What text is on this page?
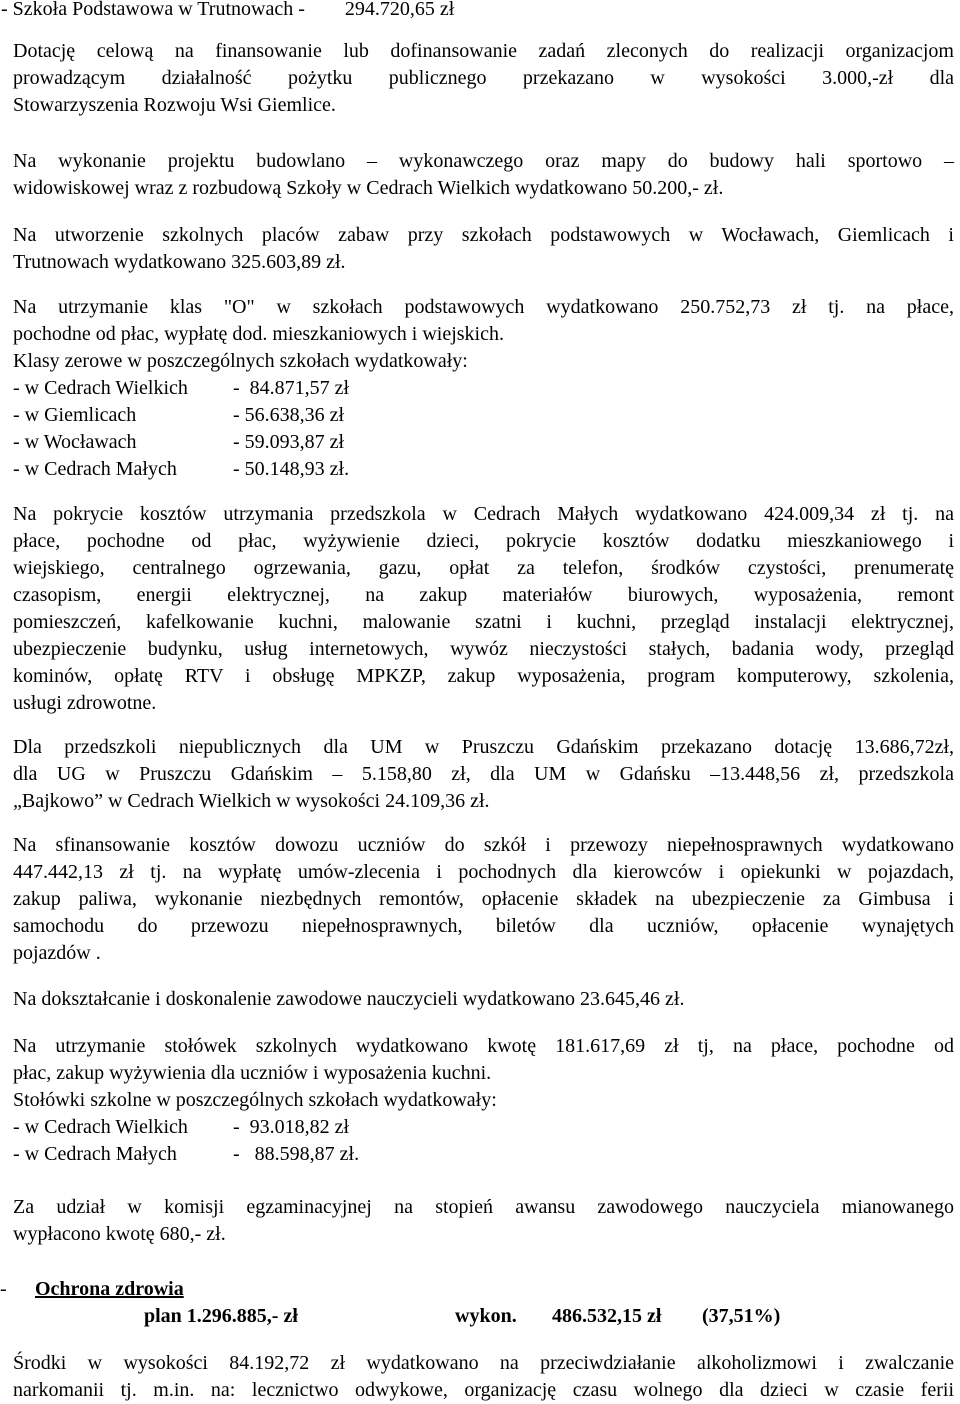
- Szkoła Podstawowa w Trutnowach - 294.720,65 zł

Dotację celową na finansowanie lub dofinansowanie zadań zleconych do realizacji organizacjom

prowadzącym działalność pożytku publicznego przekazano w wysokości 3.000,-zł dla

Stowarzyszenia Rozwoju Wsi Giemlice.

Na wykonanie projektu budowlano – wykonawczego oraz mapy do budowy hali sportowo –

widowiskowej wraz z rozbudową Szkoły w Cedrach Wielkich wydatkowano 50.200,- zł.

Na utworzenie szkolnych placów zabaw przy szkołach podstawowych w Wocławach, Giemlicach i

Trutnowach wydatkowano 325.603,89 zł.

Na utrzymanie klas "O" w szkołach podstawowych wydatkowano 250.752,73 zł tj. na płace,

pochodne od płac, wypłatę dod. mieszkaniowych i wiejskich.

Klasy zerowe w poszczególnych szkołach wydatkowały:

- w Cedrach Wielkich	-  84.871,57 zł
- w Giemlicach	- 56.638,36 zł
- w Wocławach	- 59.093,87 zł
- w Cedrach Małych	- 50.148,93 zł.

Na pokrycie kosztów utrzymania przedszkola w Cedrach Małych wydatkowano 424.009,34 zł tj. na

płace, pochodne od płac, wyżywienie dzieci, pokrycie kosztów dodatku mieszkaniowego i

wiejskiego, centralnego ogrzewania, gazu, opłat za telefon, środków czystości, prenumeratę

czasopism, energii elektrycznej, na zakup materiałów biurowych, wyposażenia, remont

pomieszczeń, kafelkowanie kuchni, malowanie szatni i kuchni, przegląd instalacji elektrycznej,

ubezpieczenie budynku, usług internetowych, wywóz nieczystości stałych, badania wody, przegląd

kominów, opłatę RTV i obsługę MPKZP, zakup wyposażenia, program komputerowy, szkolenia,

usługi zdrowotne.

Dla przedszkoli niepublicznych dla UM w Pruszczu Gdańskim przekazano dotację 13.686,72zł,

dla UG w Pruszczu Gdańskim – 5.158,80 zł, dla UM w Gdańsku –13.448,56 zł, przedszkola

„Bajkowo” w Cedrach Wielkich w wysokości 24.109,36 zł.

Na sfinansowanie kosztów dowozu uczniów do szkół i przewozy niepełnosprawnych wydatkowano

447.442,13 zł tj. na wypłatę umów-zlecenia i pochodnych dla kierowców i opiekunki w pojazdach,

zakup paliwa, wykonanie niezbędnych remontów, opłacenie składek na ubezpieczenie za Gimbusa i

samochodu do przewozu niepełnosprawnych, biletów dla uczniów, opłacenie wynajętych

pojazdów .

Na dokształcanie i doskonalenie zawodowe nauczycieli wydatkowano 23.645,46 zł.

Na utrzymanie stołówek szkolnych wydatkowano kwotę 181.617,69 zł tj, na płace, pochodne od

płac, zakup wyżywienia dla uczniów i wyposażenia kuchni.

Stołówki szkolne w poszczególnych szkołach wydatkowały:

- w Cedrach Wielkich	-  93.018,82 zł
- w Cedrach Małych	-   88.598,87 zł.

Za udział w komisji egzaminacyjnej na stopień awansu zawodowego nauczyciela mianowanego

wypłacono kwotę 680,- zł.

-	Ochrona zdrowia
plan 1.296.885,- zł	wykon.	486.532,15 zł	(37,51%)

Środki w wysokości 84.192,72 zł wydatkowano na przeciwdziałanie alkoholizmowi i zwalczanie

narkomanii tj. m.in. na: lecznictwo odwykowe, organizację czasu wolnego dla dzieci w czasie ferii
